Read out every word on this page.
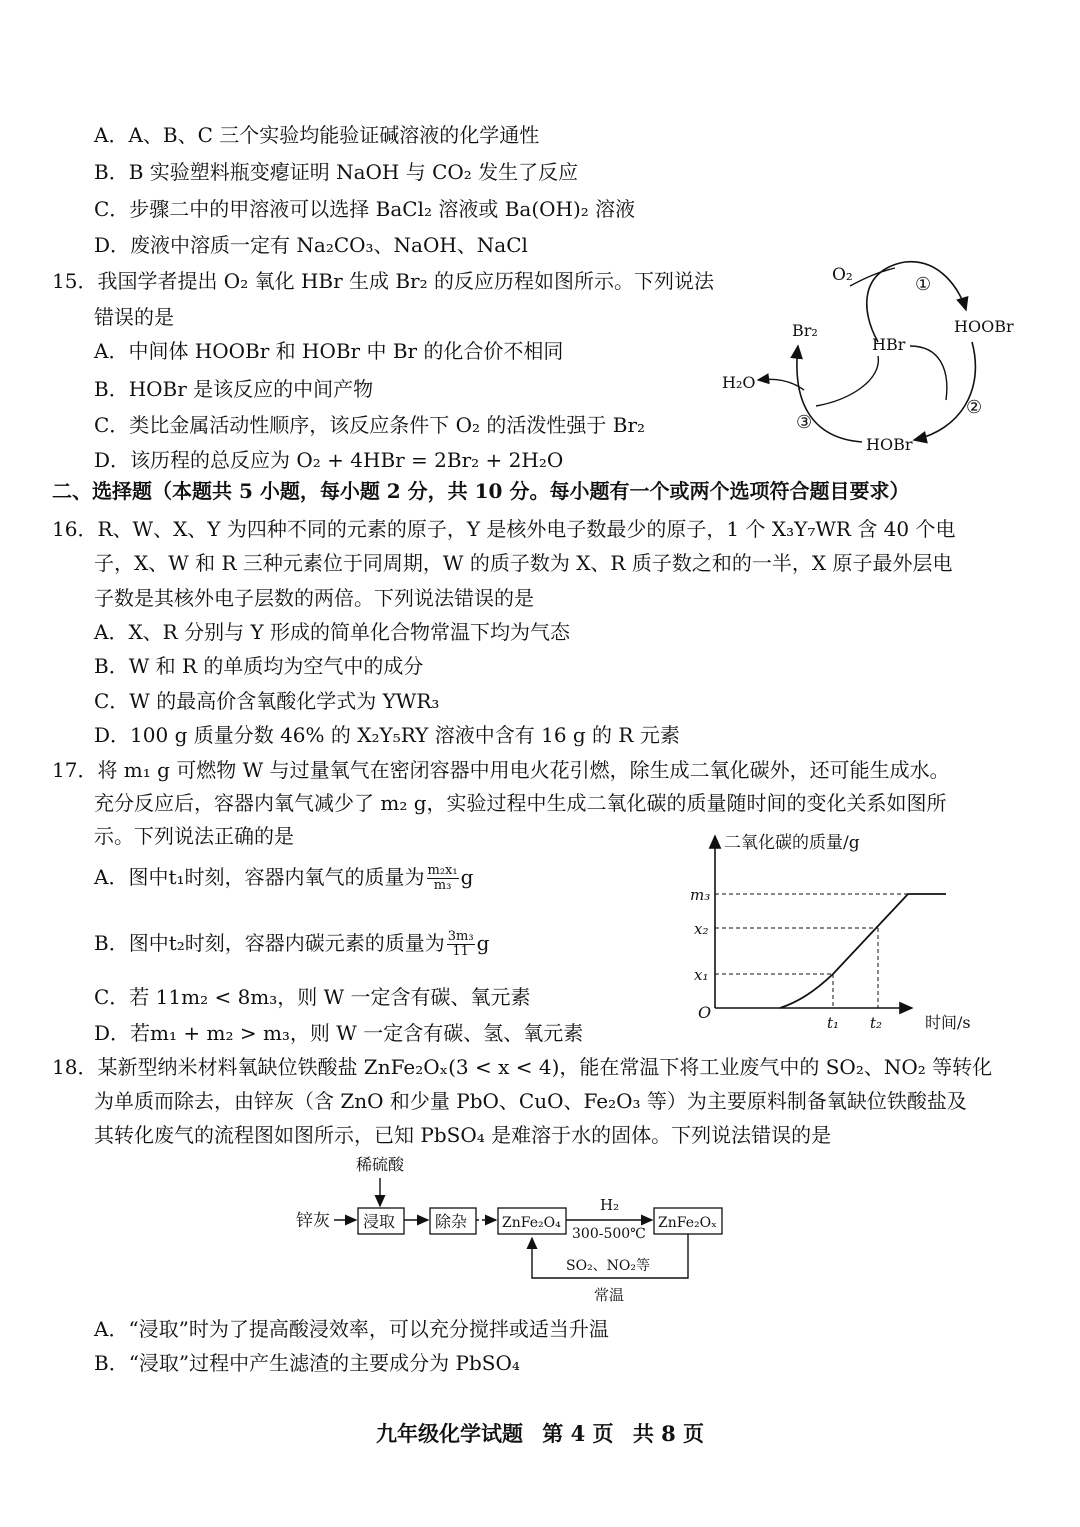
A．A、B、C 三个实验均能验证碱溶液的化学通性
B．B 实验塑料瓶变瘪证明 NaOH 与 CO₂ 发生了反应
C．步骤二中的甲溶液可以选择 BaCl₂ 溶液或 Ba(OH)₂ 溶液
D．废液中溶质一定有 Na₂CO₃、NaOH、NaCl
15．我国学者提出 O₂ 氧化 HBr 生成 Br₂ 的反应历程如图所示。下列说法
错误的是
A．中间体 HOOBr 和 HOBr 中 Br 的化合价不相同
B．HOBr 是该反应的中间产物
C．类比金属活动性顺序，该反应条件下 O₂ 的活泼性强于 Br₂
D．该历程的总反应为 O₂ + 4HBr = 2Br₂ + 2H₂O
O₂	①
HOOBr
Br₂
HBr
H₂O
②
③
HOBr
二、选择题（本题共 5 小题，每小题 2 分，共 10 分。每小题有一个或两个选项符合题目要求）
16．R、W、X、Y 为四种不同的元素的原子，Y 是核外电子数最少的原子，1 个 X₃Y₇WR 含 40 个电
子，X、W 和 R 三种元素位于同周期，W 的质子数为 X、R 质子数之和的一半，X 原子最外层电
子数是其核外电子层数的两倍。下列说法错误的是
A．X、R 分别与 Y 形成的简单化合物常温下均为气态
B．W 和 R 的单质均为空气中的成分
C．W 的最高价含氧酸化学式为 YWR₃
D．100 g 质量分数 46% 的 X₂Y₅RY 溶液中含有 16 g 的 R 元素
17．将 m₁ g 可燃物 W 与过量氧气在密闭容器中用电火花引燃，除生成二氧化碳外，还可能生成水。
充分反应后，容器内氧气减少了 m₂ g，实验过程中生成二氧化碳的质量随时间的变化关系如图所
示。下列说法正确的是
A．图中t₁时刻，容器内氧气的质量为 $\frac{\text{m₂x₁}}{\text{m₃}}$ g
B．图中t₂时刻，容器内碳元素的质量为 $\frac{\text{3m₃}}{11}$ g
C．若 11m₂ < 8m₃，则 W 一定含有碳、氧元素
D．若m₁ + m₂ > m₃，则 W 一定含有碳、氢、氧元素
二氧化碳的质量/g
时间/s
O
m₃
x₂
x₁
t₁ t₂
18．某新型纳米材料氧缺位铁酸盐 ZnFe₂Oₓ(3 < x < 4)，能在常温下将工业废气中的 SO₂、NO₂ 等转化
为单质而除去，由锌灰（含 ZnO 和少量 PbO、CuO、Fe₂O₃ 等）为主要原料制备氧缺位铁酸盐及
其转化废气的流程图如图所示，已知 PbSO₄ 是难溶于水的固体。下列说法错误的是
稀硫酸
锌灰 浸取 除杂 ZnFe₂O₄
H₂
300-500℃
ZnFe₂Oₓ
SO₂、NO₂等
常温
A．“浸取”时为了提高酸浸效率，可以充分搅拌或适当升温
B．“浸取”过程中产生滤渣的主要成分为 PbSO₄
九年级化学试题 第 4 页 共 8 页
